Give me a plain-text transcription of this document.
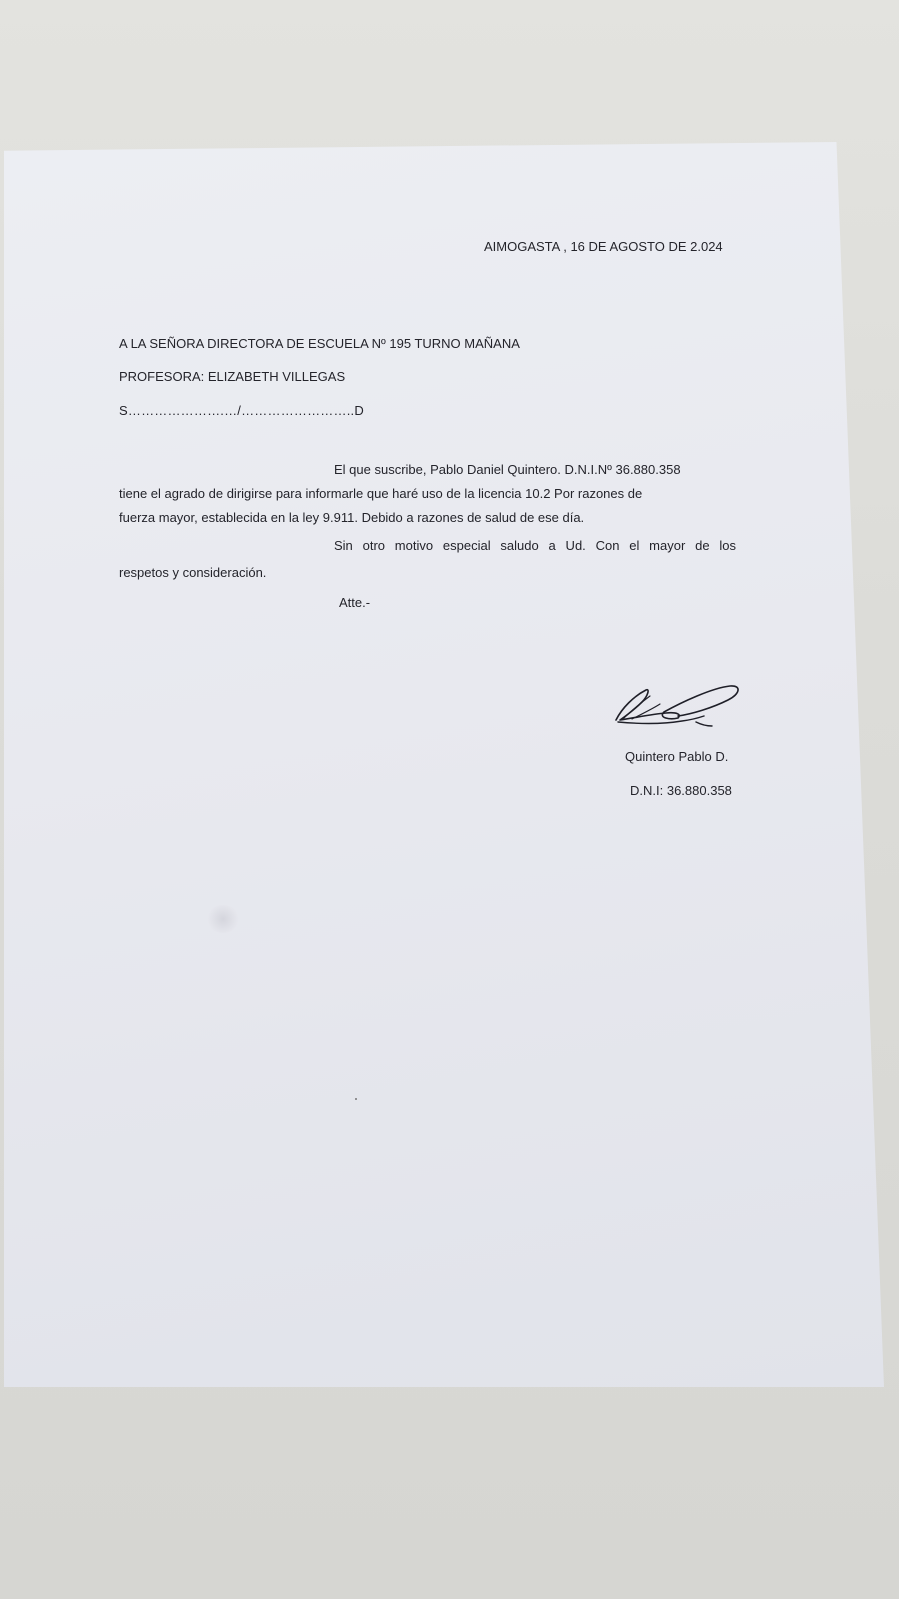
AIMOGASTA , 16 DE AGOSTO DE 2.024
A LA SEÑORA DIRECTORA DE ESCUELA Nº 195 TURNO MAÑANA
PROFESORA: ELIZABETH VILLEGAS
S………………….…/……………………..D
El que suscribe, Pablo Daniel Quintero. D.N.I.Nº 36.880.358
tiene el agrado de dirigirse para informarle que haré uso de la licencia 10.2 Por razones de
fuerza mayor, establecida en la ley 9.911. Debido a razones de salud de ese día.
Sin otro motivo especial saludo a Ud. Con el mayor de los
respetos y consideración.
Atte.-
Quintero Pablo D.
D.N.I: 36.880.358
